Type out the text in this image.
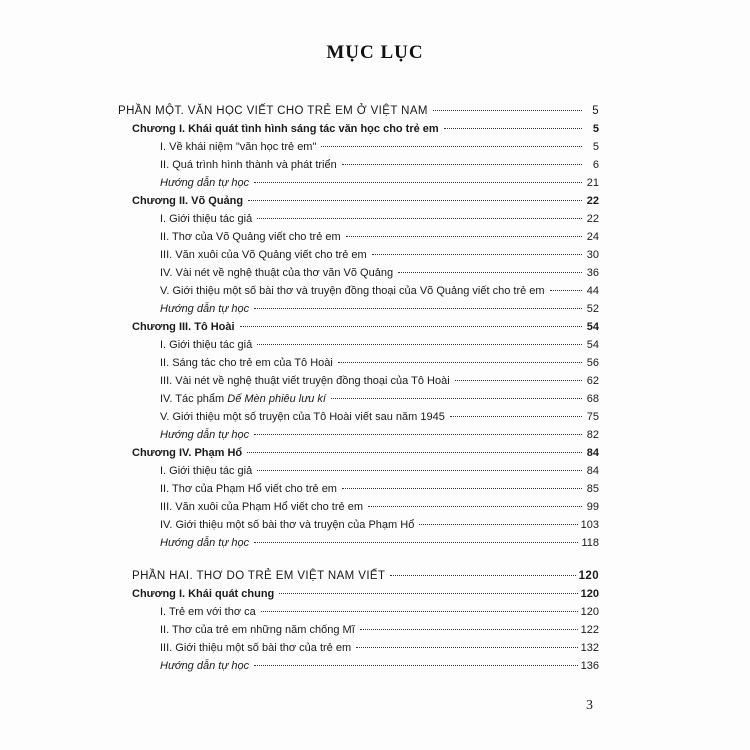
MỤC LỤC
PHẦN MỘT. VĂN HỌC VIẾT CHO TRẺ EM Ở VIỆT NAM	5
Chương I. Khái quát tình hình sáng tác văn học cho trẻ em	5
I. Về khái niệm "văn học trẻ em"	5
II. Quá trình hình thành và phát triển	6
Hướng dẫn tự học	21
Chương II. Võ Quảng	22
I. Giới thiệu tác giả	22
II. Thơ của Võ Quảng viết cho trẻ em	24
III. Văn xuôi của Võ Quảng viết cho trẻ em	30
IV. Vài nét về nghệ thuật của thơ văn Võ Quảng	36
V. Giới thiệu một số bài thơ và truyện đồng thoại của Võ Quảng viết cho trẻ em	44
Hướng dẫn tự học	52
Chương III. Tô Hoài	54
I. Giới thiệu tác giả	54
II. Sáng tác cho trẻ em của Tô Hoài	56
III. Vài nét về nghệ thuật viết truyện đồng thoại của Tô Hoài	62
IV. Tác phẩm Dế Mèn phiêu lưu kí	68
V. Giới thiệu một số truyện của Tô Hoài viết sau năm 1945	75
Hướng dẫn tự học	82
Chương IV. Phạm Hổ	84
I. Giới thiệu tác giả	84
II. Thơ của Phạm Hổ viết cho trẻ em	85
III. Văn xuôi của Phạm Hổ viết cho trẻ em	99
IV. Giới thiệu một số bài thơ và truyện của Phạm Hổ	103
Hướng dẫn tự học	118
PHẦN HAI. THƠ DO TRẺ EM VIỆT NAM VIẾT	120
Chương I. Khái quát chung	120
I. Trẻ em với thơ ca	120
II. Thơ của trẻ em những năm chống Mĩ	122
III. Giới thiệu một số bài thơ của trẻ em	132
Hướng dẫn tự học	136
3
